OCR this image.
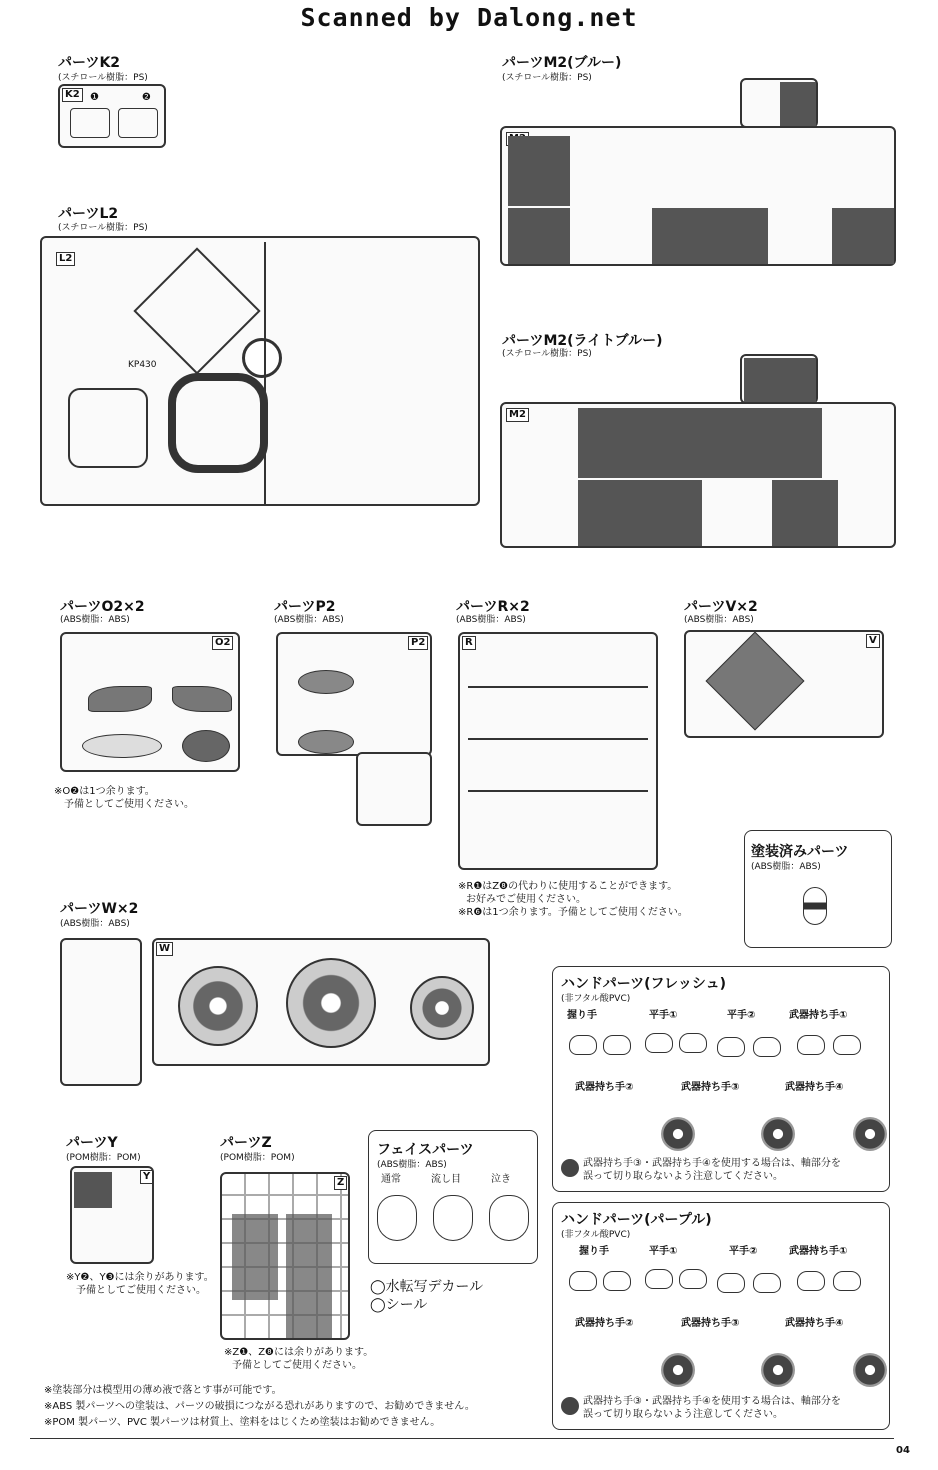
Scanned by Dalong.net
パーツK2
(スチロール樹脂：PS)
K2	❶	❷
パーツL2
(スチロール樹脂：PS)
L2
KP430
パーツM2(ブルー)
(スチロール樹脂：PS)
パーツM2(ライトブルー)
(スチロール樹脂：PS)
M2
パーツO2×2
(ABS樹脂：ABS)
O2
※O❷は1つ余ります。
予備としてご使用ください。
パーツP2
(ABS樹脂：ABS)
P2
パーツR×2
(ABS樹脂：ABS)
R
※R❶はZ❽の代わりに使用することができます。
お好みでご使用ください。
※R❻は1つ余ります。予備としてご使用ください。
パーツV×2
(ABS樹脂：ABS)
V
塗装済みパーツ
(ABS樹脂：ABS)
パーツW×2
(ABS樹脂：ABS)
W
パーツY
(POM樹脂：POM)
Y
※Y❷、Y❸には余りがあります。
予備としてご使用ください。
パーツZ
(POM樹脂：POM)
Z
※Z❶、Z❽には余りがあります。
予備としてご使用ください。
フェイスパーツ
(ABS樹脂：ABS)
通常	流し目	泣き
◯水転写デカール
◯シール
ハンドパーツ(フレッシュ)
(非フタル酸PVC)
握り手	平手①	平手②	武器持ち手①
武器持ち手②	武器持ち手③	武器持ち手④
武器持ち手③・武器持ち手④を使用する場合は、軸部分を
誤って切り取らないよう注意してください。
ハンドパーツ(パープル)
(非フタル酸PVC)
握り手	平手①	平手②	武器持ち手①
武器持ち手②	武器持ち手③	武器持ち手④
武器持ち手③・武器持ち手④を使用する場合は、軸部分を
誤って切り取らないよう注意してください。
※塗装部分は模型用の薄め液で落とす事が可能です。
※ABS 製パーツへの塗装は、パーツの破損につながる恐れがありますので、お勧めできません。
※POM 製パーツ、PVC 製パーツは材質上、塗料をはじくため塗装はお勧めできません。
04
